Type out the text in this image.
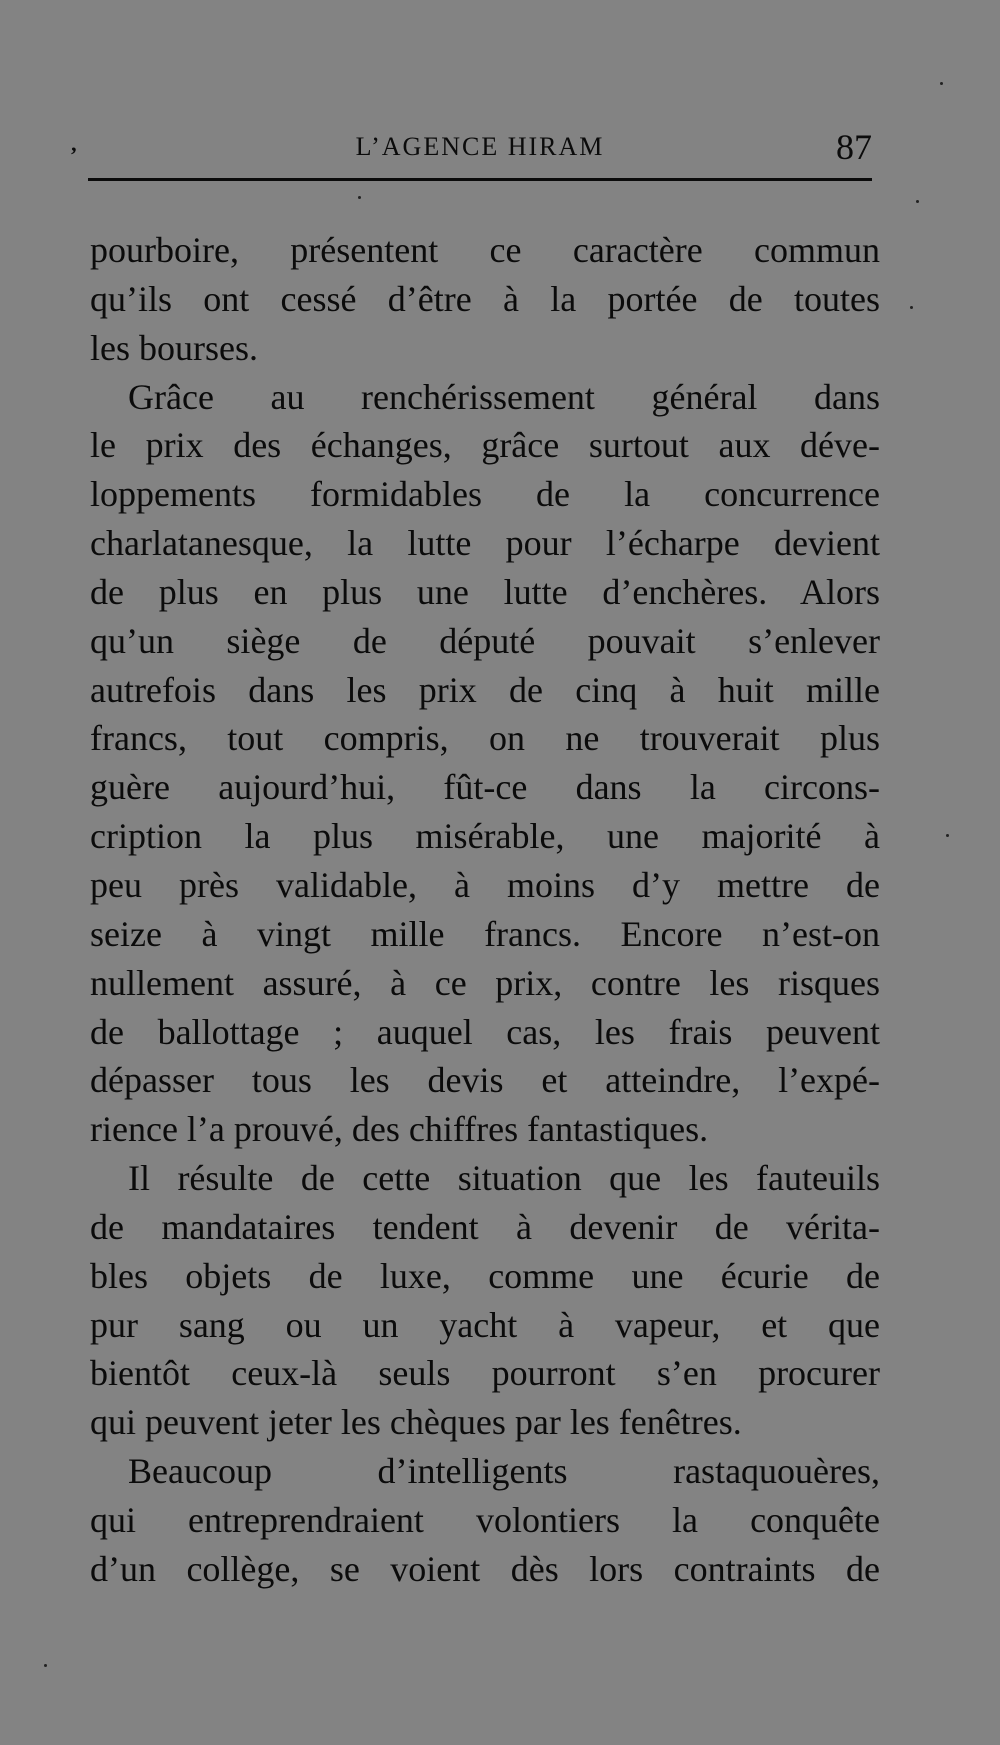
’	L’AGENCE HIRAM	87
pourboire, présentent ce caractère commun
qu’ils ont cessé d’être à la portée de toutes
les bourses.
Grâce au renchérissement général dans
le prix des échanges, grâce surtout aux déve-
loppements formidables de la concurrence
charlatanesque, la lutte pour l’écharpe devient
de plus en plus une lutte d’enchères. Alors
qu’un siège de député pouvait s’enlever
autrefois dans les prix de cinq à huit mille
francs, tout compris, on ne trouverait plus
guère aujourd’hui, fût-ce dans la circons-
cription la plus misérable, une majorité à
peu près validable, à moins d’y mettre de
seize à vingt mille francs. Encore n’est-on
nullement assuré, à ce prix, contre les risques
de ballottage ; auquel cas, les frais peuvent
dépasser tous les devis et atteindre, l’expé-
rience l’a prouvé, des chiffres fantastiques.
Il résulte de cette situation que les fauteuils
de mandataires tendent à devenir de vérita-
bles objets de luxe, comme une écurie de
pur sang ou un yacht à vapeur, et que
bientôt ceux-là seuls pourront s’en procurer
qui peuvent jeter les chèques par les fenêtres.
Beaucoup d’intelligents rastaquouères,
qui entreprendraient volontiers la conquête
d’un collège, se voient dès lors contraints de
